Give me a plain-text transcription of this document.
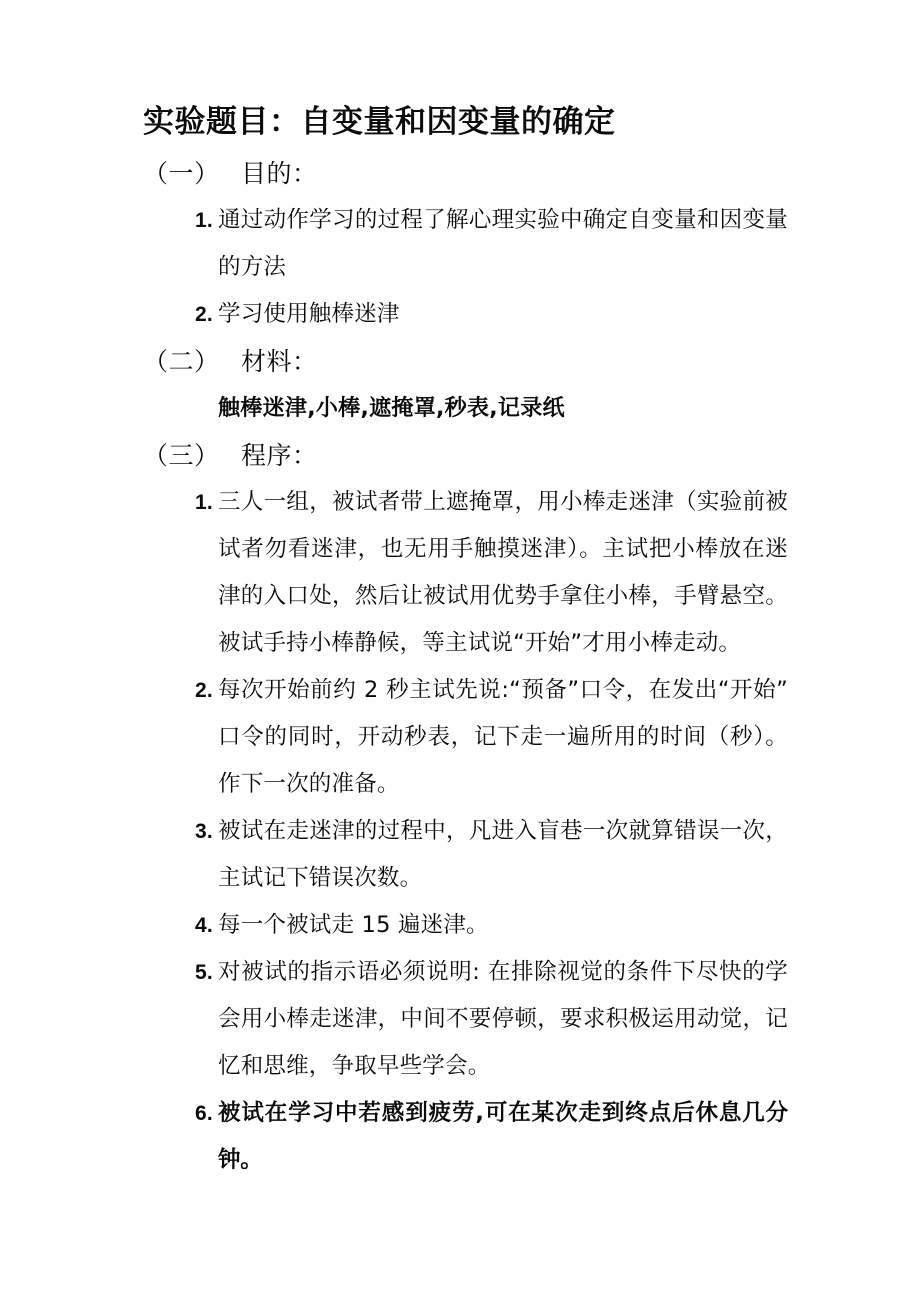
实验题目：自变量和因变量的确定
（一） 目的：
1. 通过动作学习的过程了解心理实验中确定自变量和因变量的方法
2. 学习使用触棒迷津
（二） 材料：

触棒迷津,小棒,遮掩罩,秒表,记录纸

（三） 程序：
1. 三人一组，被试者带上遮掩罩，用小棒走迷津（实验前被试者勿看迷津，也无用手触摸迷津）。主试把小棒放在迷津的入口处，然后让被试用优势手拿住小棒，手臂悬空。被试手持小棒静候，等主试说“开始”才用小棒走动。
2. 每次开始前约 2 秒主试先说:“预备”口令，在发出“开始”口令的同时，开动秒表，记下走一遍所用的时间（秒）。作下一次的准备。
3. 被试在走迷津的过程中，凡进入盲巷一次就算错误一次，主试记下错误次数。
4. 每一个被试走 15 遍迷津。
5. 对被试的指示语必须说明: 在排除视觉的条件下尽快的学会用小棒走迷津，中间不要停顿，要求积极运用动觉，记忆和思维，争取早些学会。
6. 被试在学习中若感到疲劳,可在某次走到终点后休息几分钟。
